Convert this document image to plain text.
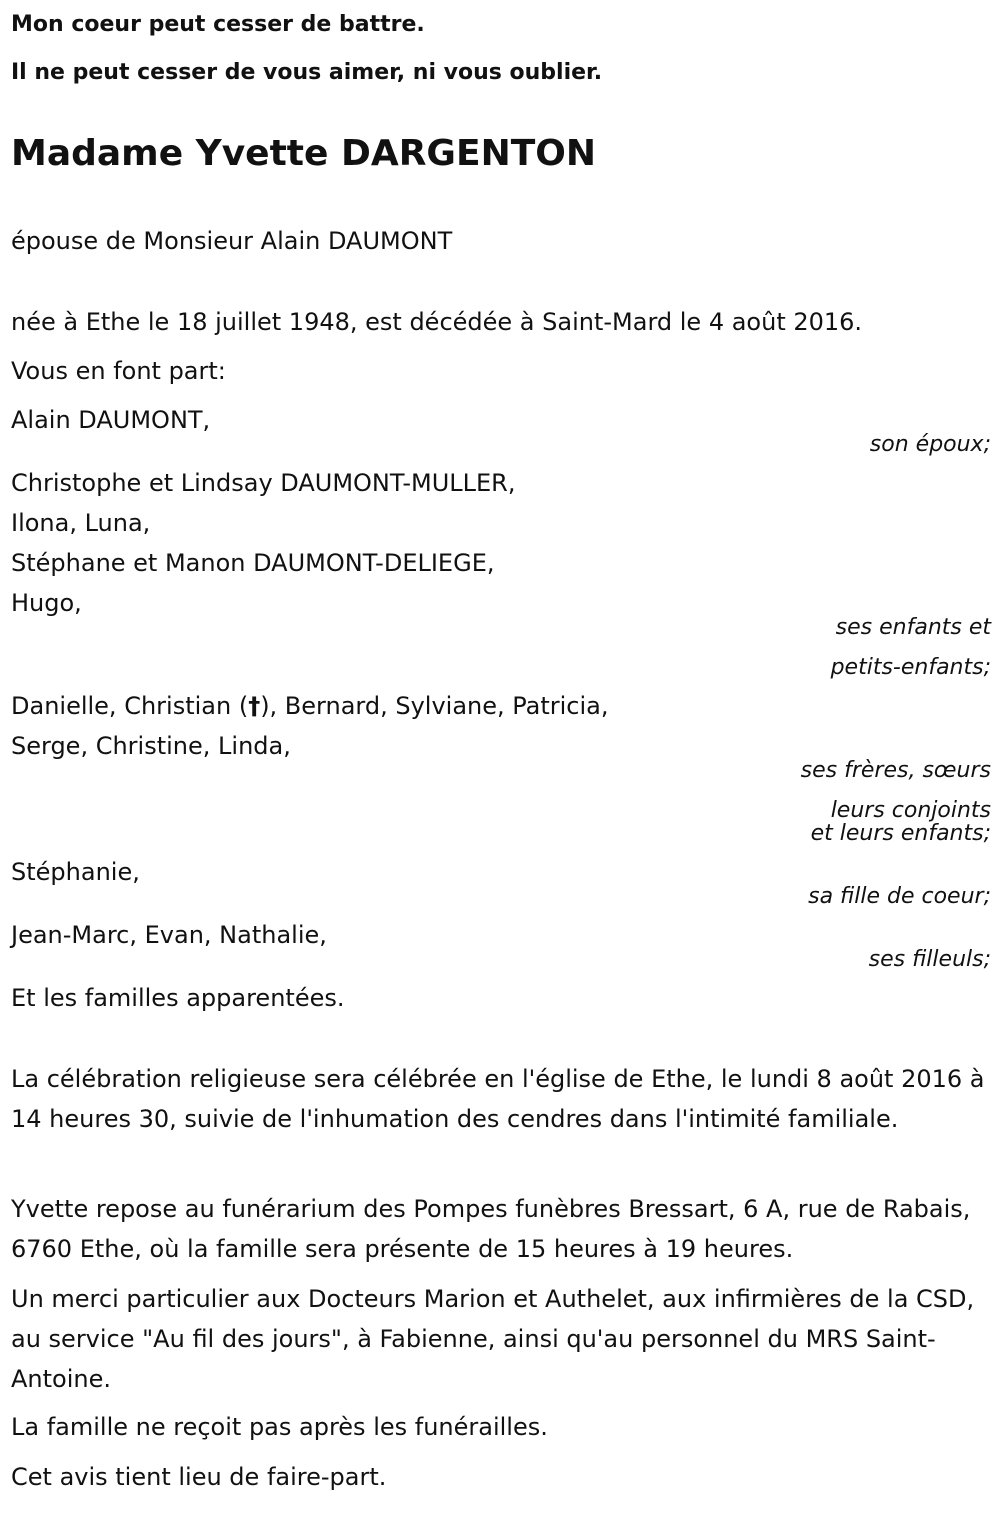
Mon coeur peut cesser de battre.

Il ne peut cesser de vous aimer, ni vous oublier.

Madame Yvette DARGENTON
épouse de Monsieur Alain DAUMONT
née à Ethe le 18 juillet 1948, est décédée à Saint-Mard le 4 août 2016.
Vous en font part:
Alain DAUMONT,
son époux;
Christophe et Lindsay DAUMONT-MULLER,
Ilona, Luna,
Stéphane et Manon DAUMONT-DELIEGE,
Hugo,
ses enfants et
petits-enfants;
Danielle, Christian (†), Bernard, Sylviane, Patricia,
Serge, Christine, Linda,
ses frères, sœurs
leurs conjoints
et leurs enfants;
Stéphanie,
sa fille de coeur;
Jean-Marc, Evan, Nathalie,
ses filleuls;
Et les familles apparentées.
La célébration religieuse sera célébrée en l'église de Ethe, le lundi 8 août 2016 à 14 heures 30, suivie de l'inhumation des cendres dans l'intimité familiale.
Yvette repose au funérarium des Pompes funèbres Bressart, 6 A, rue de Rabais, 6760 Ethe, où la famille sera présente de 15 heures à 19 heures.
Un merci particulier aux Docteurs Marion et Authelet, aux infirmières de la CSD, au service "Au fil des jours", à Fabienne, ainsi qu'au personnel du MRS Saint-Antoine.
La famille ne reçoit pas après les funérailles.
Cet avis tient lieu de faire-part.
